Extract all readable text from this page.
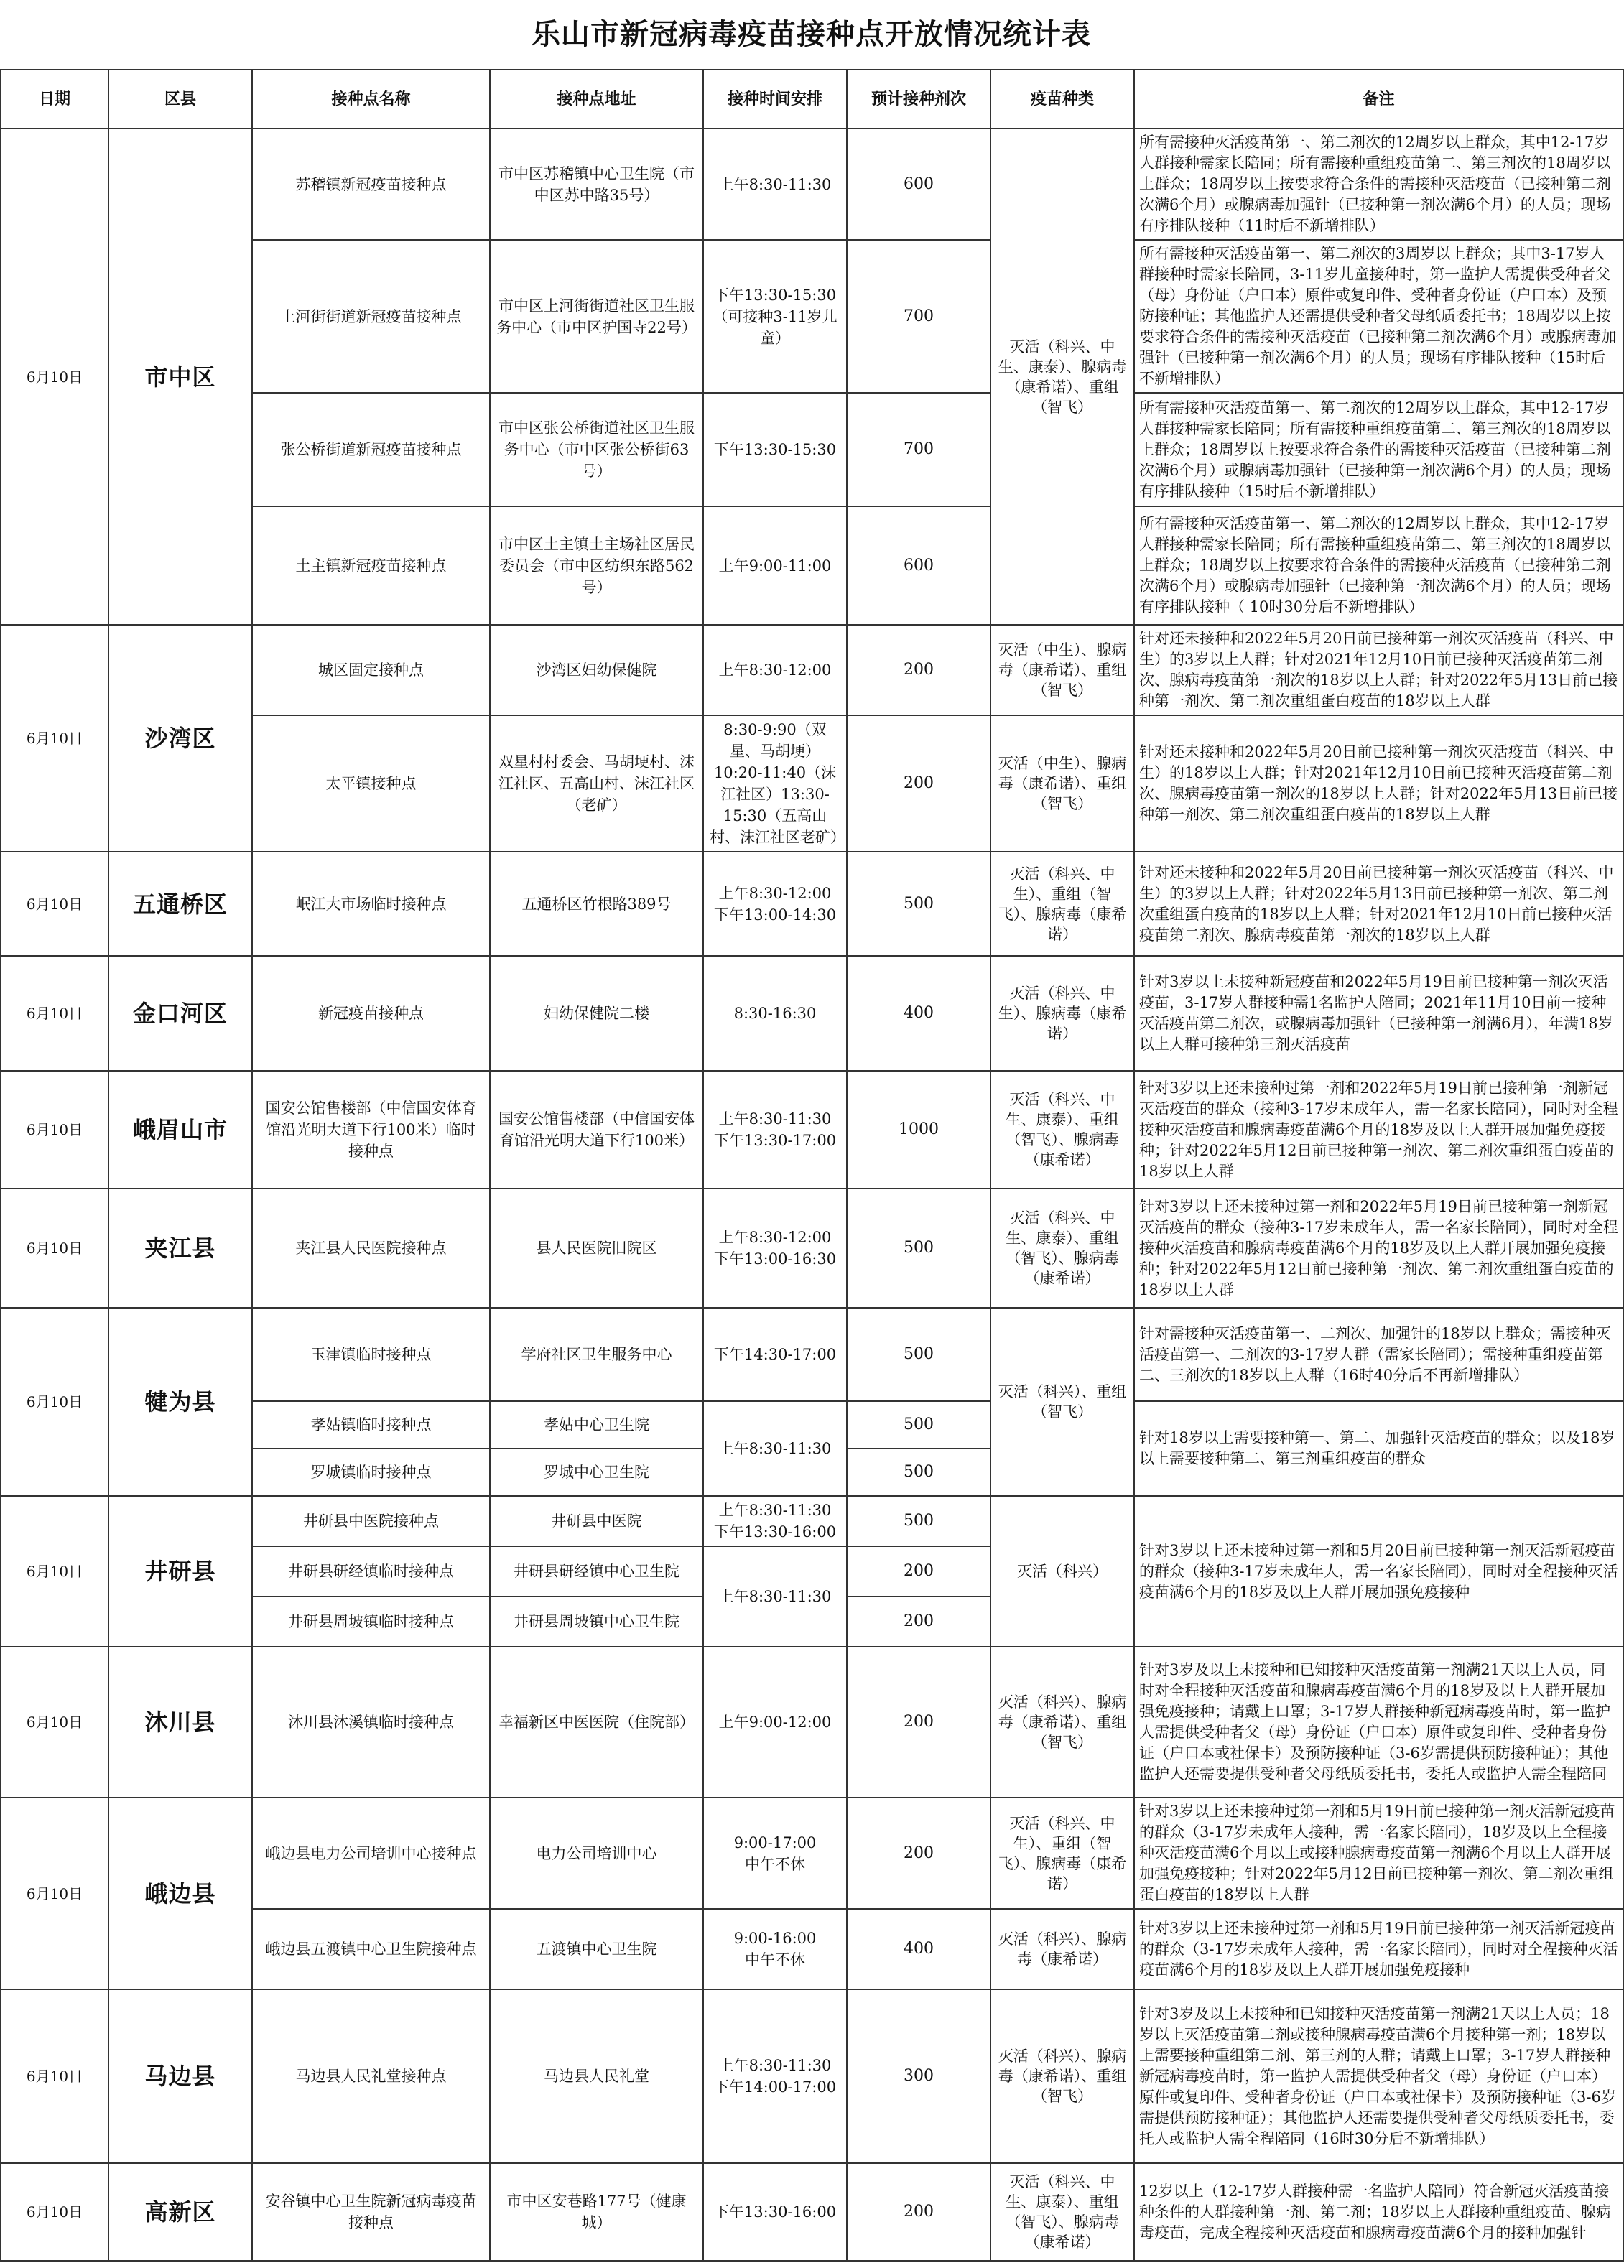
乐山市新冠病毒疫苗接种点开放情况统计表
日期	区县	接种点名称	接种点地址	接种时间安排	预计接种剂次	疫苗种类	备注
6月10日	市中区	苏稽镇新冠疫苗接种点	市中区苏稽镇中心卫生院（市中区苏中路35号）	上午8:30-11:30	600	灭活（科兴、中生、康泰）、腺病毒（康希诺）、重组（智飞）	所有需接种灭活疫苗第一、第二剂次的12周岁以上群众，其中12-17岁人群接种需家长陪同；所有需接种重组疫苗第二、第三剂次的18周岁以上群众；18周岁以上按要求符合条件的需接种灭活疫苗（已接种第二剂次满6个月）或腺病毒加强针（已接种第一剂次满6个月）的人员；现场有序排队接种（11时后不新增排队）
		上河街街道新冠疫苗接种点	市中区上河街街道社区卫生服务中心（市中区护国寺22号）	下午13:30-15:30（可接种3-11岁儿童）	700		所有需接种灭活疫苗第一、第二剂次的3周岁以上群众；其中3-17岁人群接种时需家长陪同，3-11岁儿童接种时，第一监护人需提供受种者父（母）身份证（户口本）原件或复印件、受种者身份证（户口本）及预防接种证；其他监护人还需提供受种者父母纸质委托书；18周岁以上按要求符合条件的需接种灭活疫苗（已接种第二剂次满6个月）或腺病毒加强针（已接种第一剂次满6个月）的人员；现场有序排队接种（15时后不新增排队）
		张公桥街道新冠疫苗接种点	市中区张公桥街道社区卫生服务中心（市中区张公桥街63号）	下午13:30-15:30	700		所有需接种灭活疫苗第一、第二剂次的12周岁以上群众，其中12-17岁人群接种需家长陪同；所有需接种重组疫苗第二、第三剂次的18周岁以上群众；18周岁以上按要求符合条件的需接种灭活疫苗（已接种第二剂次满6个月）或腺病毒加强针（已接种第一剂次满6个月）的人员；现场有序排队接种（15时后不新增排队）
		土主镇新冠疫苗接种点	市中区土主镇土主场社区居民委员会（市中区纺织东路562号）	上午9:00-11:00	600		所有需接种灭活疫苗第一、第二剂次的12周岁以上群众，其中12-17岁人群接种需家长陪同；所有需接种重组疫苗第二、第三剂次的18周岁以上群众；18周岁以上按要求符合条件的需接种灭活疫苗（已接种第二剂次满6个月）或腺病毒加强针（已接种第一剂次满6个月）的人员；现场有序排队接种（ 10时30分后不新增排队）
6月10日	沙湾区	城区固定接种点	沙湾区妇幼保健院	上午8:30-12:00	200	灭活（中生）、腺病毒（康希诺）、重组（智飞）	针对还未接种和2022年5月20日前已接种第一剂次灭活疫苗（科兴、中生）的3岁以上人群；针对2021年12月10日前已接种灭活疫苗第二剂次、腺病毒疫苗第一剂次的18岁以上人群；针对2022年5月13日前已接种第一剂次、第二剂次重组蛋白疫苗的18岁以上人群
		太平镇接种点	双星村村委会、马胡埂村、沫江社区、五高山村、沫江社区（老矿）	8:30-9:90（双星、马胡埂） 10:20-11:40（沫江社区）13:30-15:30（五高山村、沫江社区老矿）	200	灭活（中生）、腺病毒（康希诺）、重组（智飞）	针对还未接种和2022年5月20日前已接种第一剂次灭活疫苗（科兴、中生）的18岁以上人群；针对2021年12月10日前已接种灭活疫苗第二剂次、腺病毒疫苗第一剂次的18岁以上人群；针对2022年5月13日前已接种第一剂次、第二剂次重组蛋白疫苗的18岁以上人群
6月10日	五通桥区	岷江大市场临时接种点	五通桥区竹根路389号	上午8:30-12:00 下午13:00-14:30	500	灭活（科兴、中生）、重组（智飞）、腺病毒（康希诺）	针对还未接种和2022年5月20日前已接种第一剂次灭活疫苗（科兴、中生）的3岁以上人群；针对2022年5月13日前已接种第一剂次、第二剂次重组蛋白疫苗的18岁以上人群；针对2021年12月10日前已接种灭活疫苗第二剂次、腺病毒疫苗第一剂次的18岁以上人群
6月10日	金口河区	新冠疫苗接种点	妇幼保健院二楼	8:30-16:30	400	灭活（科兴、中生）、腺病毒（康希诺）	针对3岁以上未接种新冠疫苗和2022年5月19日前已接种第一剂次灭活疫苗，3-17岁人群接种需1名监护人陪同；2021年11月10日前一接种灭活疫苗第二剂次，或腺病毒加强针（已接种第一剂满6月），年满18岁以上人群可接种第三剂灭活疫苗
6月10日	峨眉山市	国安公馆售楼部（中信国安体育馆沿光明大道下行100米）临时接种点	国安公馆售楼部（中信国安体育馆沿光明大道下行100米）	上午8:30-11:30 下午13:30-17:00	1000	灭活（科兴、中生、康泰）、重组（智飞）、腺病毒（康希诺）	针对3岁以上还未接种过第一剂和2022年5月19日前已接种第一剂新冠灭活疫苗的群众（接种3-17岁未成年人，需一名家长陪同），同时对全程接种灭活疫苗和腺病毒疫苗满6个月的18岁及以上人群开展加强免疫接种；针对2022年5月12日前已接种第一剂次、第二剂次重组蛋白疫苗的18岁以上人群
6月10日	夹江县	夹江县人民医院接种点	县人民医院旧院区	上午8:30-12:00 下午13:00-16:30	500	灭活（科兴、中生、康泰）、重组（智飞）、腺病毒（康希诺）	针对3岁以上还未接种过第一剂和2022年5月19日前已接种第一剂新冠灭活疫苗的群众（接种3-17岁未成年人，需一名家长陪同），同时对全程接种灭活疫苗和腺病毒疫苗满6个月的18岁及以上人群开展加强免疫接种；针对2022年5月12日前已接种第一剂次、第二剂次重组蛋白疫苗的18岁以上人群
6月10日	犍为县	玉津镇临时接种点	学府社区卫生服务中心	下午14:30-17:00	500	灭活（科兴）、重组（智飞）	针对需接种灭活疫苗第一、二剂次、加强针的18岁以上群众；需接种灭活疫苗第一、二剂次的3-17岁人群（需家长陪同）；需接种重组疫苗第二、三剂次的18岁以上人群（16时40分后不再新增排队）
		孝姑镇临时接种点	孝姑中心卫生院	上午8:30-11:30	500		针对18岁以上需要接种第一、第二、加强针灭活疫苗的群众；以及18岁以上需要接种第二、第三剂重组疫苗的群众
		罗城镇临时接种点	罗城中心卫生院		500		
6月10日	井研县	井研县中医院接种点	井研县中医院	上午8:30-11:30 下午13:30-16:00	500	灭活（科兴）	针对3岁以上还未接种过第一剂和5月20日前已接种第一剂灭活新冠疫苗的群众（接种3-17岁未成年人，需一名家长陪同），同时对全程接种灭活疫苗满6个月的18岁及以上人群开展加强免疫接种
		井研县研经镇临时接种点	井研县研经镇中心卫生院	上午8:30-11:30	200		
		井研县周坡镇临时接种点	井研县周坡镇中心卫生院		200		
6月10日	沐川县	沐川县沐溪镇临时接种点	幸福新区中医医院（住院部）	上午9:00-12:00	200	灭活（科兴）、腺病毒（康希诺）、重组（智飞）	针对3岁及以上未接种和已知接种灭活疫苗第一剂满21天以上人员，同时对全程接种灭活疫苗和腺病毒疫苗满6个月的18岁及以上人群开展加强免疫接种；请戴上口罩；3-17岁人群接种新冠病毒疫苗时，第一监护人需提供受种者父（母）身份证（户口本）原件或复印件、受种者身份证（户口本或社保卡）及预防接种证（3-6岁需提供预防接种证）；其他监护人还需要提供受种者父母纸质委托书，委托人或监护人需全程陪同
6月10日	峨边县	峨边县电力公司培训中心接种点	电力公司培训中心	9:00-17:00　　　中午不休	200	灭活（科兴、中生）、重组（智飞）、腺病毒（康希诺）	针对3岁以上还未接种过第一剂和5月19日前已接种第一剂灭活新冠疫苗的群众（3-17岁未成年人接种，需一名家长陪同），18岁及以上全程接种灭活疫苗满6个月以上或接种腺病毒疫苗第一剂满6个月以上人群开展加强免疫接种；针对2022年5月12日前已接种第一剂次、第二剂次重组蛋白疫苗的18岁以上人群
		峨边县五渡镇中心卫生院接种点	五渡镇中心卫生院	9:00-16:00　　　中午不休	400	灭活（科兴）、腺病毒（康希诺）	针对3岁以上还未接种过第一剂和5月19日前已接种第一剂灭活新冠疫苗的群众（3-17岁未成年人接种，需一名家长陪同），同时对全程接种灭活疫苗满6个月的18岁及以上人群开展加强免疫接种
6月10日	马边县	马边县人民礼堂接种点	马边县人民礼堂	上午8:30-11:30 下午14:00-17:00	300	灭活（科兴）、腺病毒（康希诺）、重组（智飞）	针对3岁及以上未接种和已知接种灭活疫苗第一剂满21天以上人员；18岁以上灭活疫苗第二剂或接种腺病毒疫苗满6个月接种第一剂；18岁以上需要接种重组第二剂、第三剂的人群；请戴上口罩；3-17岁人群接种新冠病毒疫苗时，第一监护人需提供受种者父（母）身份证（户口本）原件或复印件、受种者身份证（户口本或社保卡）及预防接种证（3-6岁需提供预防接种证）；其他监护人还需要提供受种者父母纸质委托书，委托人或监护人需全程陪同（16时30分后不新增排队）
6月10日	高新区	安谷镇中心卫生院新冠病毒疫苗接种点	市中区安巷路177号（健康城）	下午13:30-16:00	200	灭活（科兴、中生、康泰）、重组（智飞）、腺病毒（康希诺）	12岁以上（12-17岁人群接种需一名监护人陪同）符合新冠灭活疫苗接种条件的人群接种第一剂、第二剂；18岁以上人群接种重组疫苗、腺病毒疫苗，完成全程接种灭活疫苗和腺病毒疫苗满6个月的接种加强针
